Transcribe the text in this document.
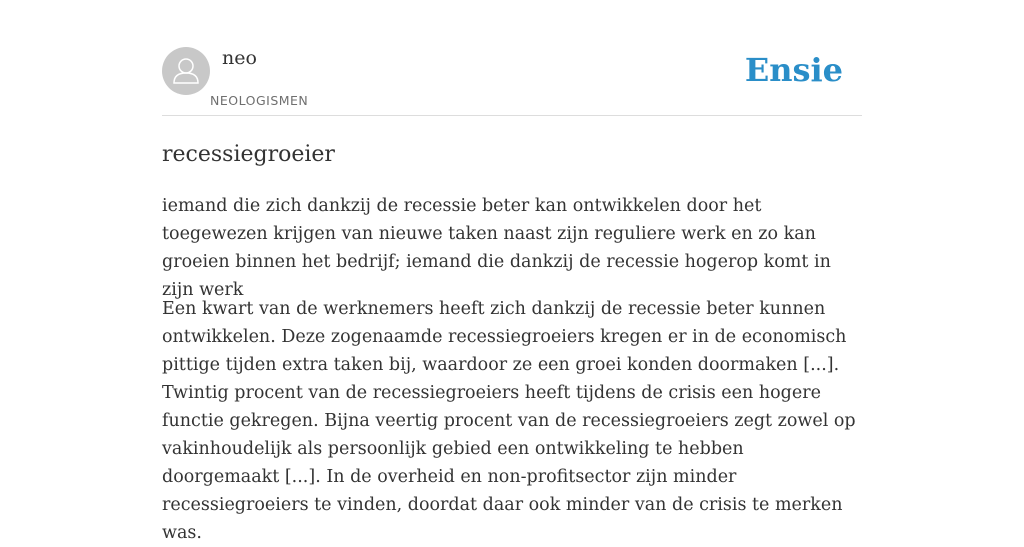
neo
NEOLOGISMEN
Ensie
recessiegroeier

iemand die zich dankzij de recessie beter kan ontwikkelen door het toegewezen krijgen van nieuwe taken naast zijn reguliere werk en zo kan groeien binnen het bedrijf; iemand die dankzij de recessie hogerop komt in zijn werk

Een kwart van de werknemers heeft zich dankzij de recessie beter kunnen ontwikkelen. Deze zogenaamde recessiegroeiers kregen er in de economisch pittige tijden extra taken bij, waardoor ze een groei konden doormaken [...]. Twintig procent van de recessiegroeiers heeft tijdens de crisis een hogere functie gekregen. Bijna veertig procent van de recessiegroeiers zegt zowel op vakinhoudelijk als persoonlijk gebied een ontwikkeling te hebben doorgemaakt [...]. In de overheid en non-profitsector zijn minder recessiegroeiers te vinden, doordat daar ook minder van de crisis te merken was.
